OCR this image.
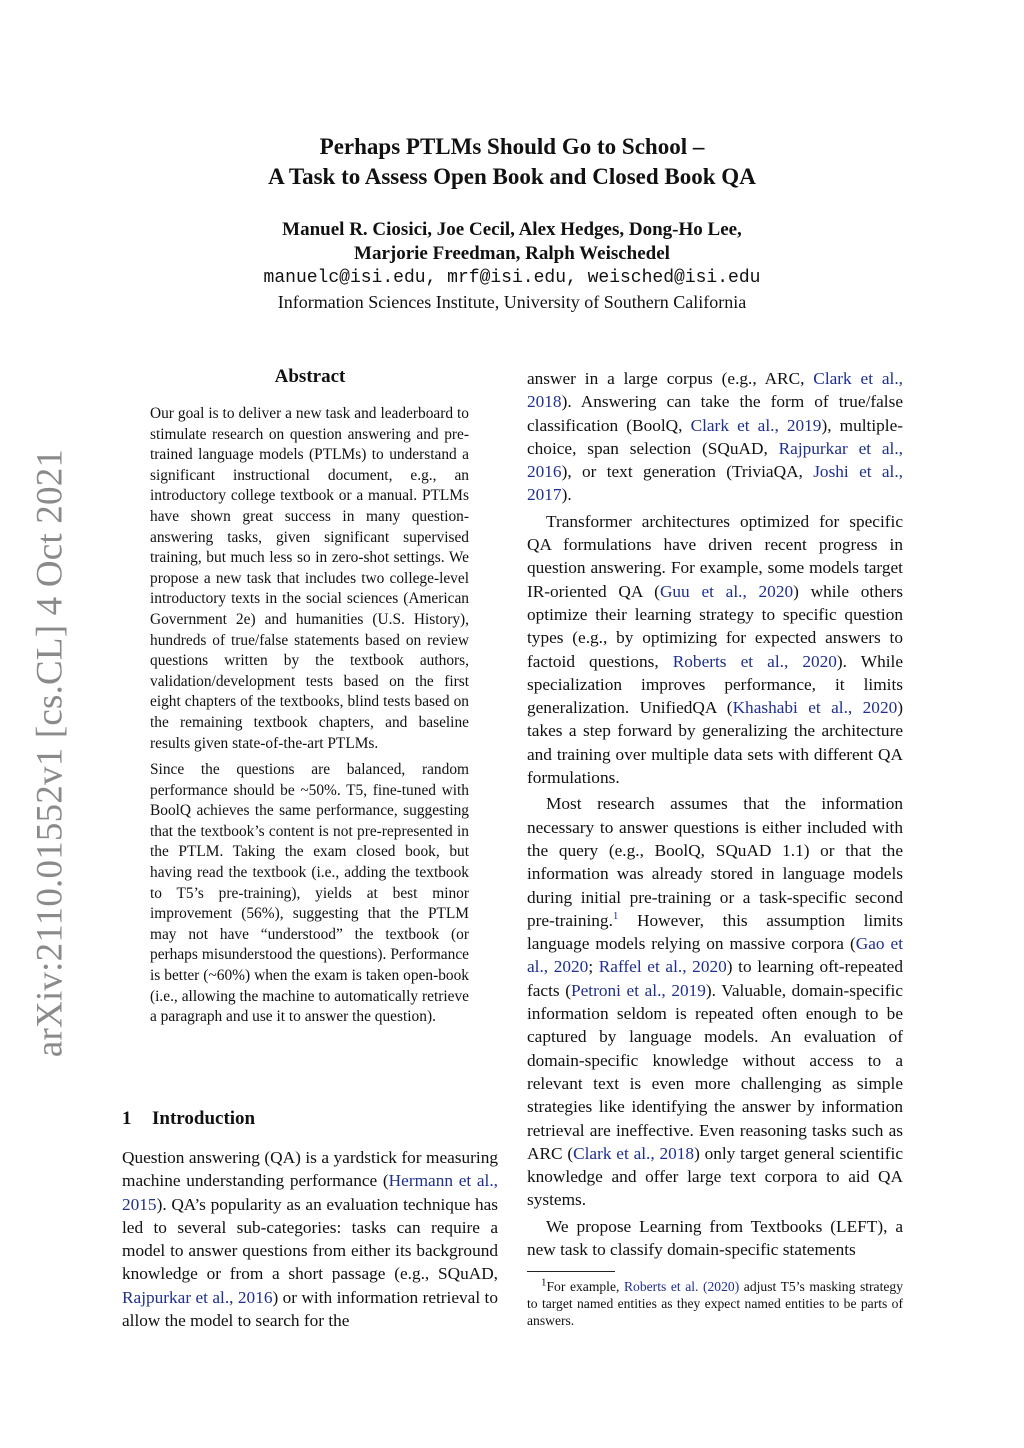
arXiv:2110.01552v1 [cs.CL] 4 Oct 2021
Perhaps PTLMs Should Go to School –
A Task to Assess Open Book and Closed Book QA
Manuel R. Ciosici, Joe Cecil, Alex Hedges, Dong-Ho Lee,
Marjorie Freedman, Ralph Weischedel
manuelc@isi.edu, mrf@isi.edu, weisched@isi.edu
Information Sciences Institute, University of Southern California
Abstract

Our goal is to deliver a new task and leaderboard to stimulate research on question answering and pre-trained language models (PTLMs) to understand a significant instructional document, e.g., an introductory college textbook or a manual. PTLMs have shown great success in many question-answering tasks, given significant supervised training, but much less so in zero-shot settings. We propose a new task that includes two college-level introductory texts in the social sciences (American Government 2e) and humanities (U.S. History), hundreds of true/false statements based on review questions written by the textbook authors, validation/development tests based on the first eight chapters of the textbooks, blind tests based on the remaining textbook chapters, and baseline results given state-of-the-art PTLMs.

Since the questions are balanced, random performance should be ~50%. T5, fine-tuned with BoolQ achieves the same performance, suggesting that the textbook’s content is not pre-represented in the PTLM. Taking the exam closed book, but having read the textbook (i.e., adding the textbook to T5’s pre-training), yields at best minor improvement (56%), suggesting that the PTLM may not have “understood” the textbook (or perhaps misunderstood the questions). Performance is better (~60%) when the exam is taken open-book (i.e., allowing the machine to automatically retrieve a paragraph and use it to answer the question).

1 Introduction

Question answering (QA) is a yardstick for measuring machine understanding performance (Hermann et al., 2015). QA’s popularity as an evaluation technique has led to several sub-categories: tasks can require a model to answer questions from either its background knowledge or from a short passage (e.g., SQuAD, Rajpurkar et al., 2016) or with information retrieval to allow the model to search for the

answer in a large corpus (e.g., ARC, Clark et al., 2018). Answering can take the form of true/false classification (BoolQ, Clark et al., 2019), multiple-choice, span selection (SQuAD, Rajpurkar et al., 2016), or text generation (TriviaQA, Joshi et al., 2017).

Transformer architectures optimized for specific QA formulations have driven recent progress in question answering. For example, some models target IR-oriented QA (Guu et al., 2020) while others optimize their learning strategy to specific question types (e.g., by optimizing for expected answers to factoid questions, Roberts et al., 2020). While specialization improves performance, it limits generalization. UnifiedQA (Khashabi et al., 2020) takes a step forward by generalizing the architecture and training over multiple data sets with different QA formulations.

Most research assumes that the information necessary to answer questions is either included with the query (e.g., BoolQ, SQuAD 1.1) or that the information was already stored in language models during initial pre-training or a task-specific second pre-training.$^1$ However, this assumption limits language models relying on massive corpora (Gao et al., 2020; Raffel et al., 2020) to learning oft-repeated facts (Petroni et al., 2019). Valuable, domain-specific information seldom is repeated often enough to be captured by language models. An evaluation of domain-specific knowledge without access to a relevant text is even more challenging as simple strategies like identifying the answer by information retrieval are ineffective. Even reasoning tasks such as ARC (Clark et al., 2018) only target general scientific knowledge and offer large text corpora to aid QA systems.

We propose Learning from Textbooks (LEFT), a new task to classify domain-specific statements

$^1$For example, Roberts et al. (2020) adjust T5’s masking strategy to target named entities as they expect named entities to be parts of answers.
